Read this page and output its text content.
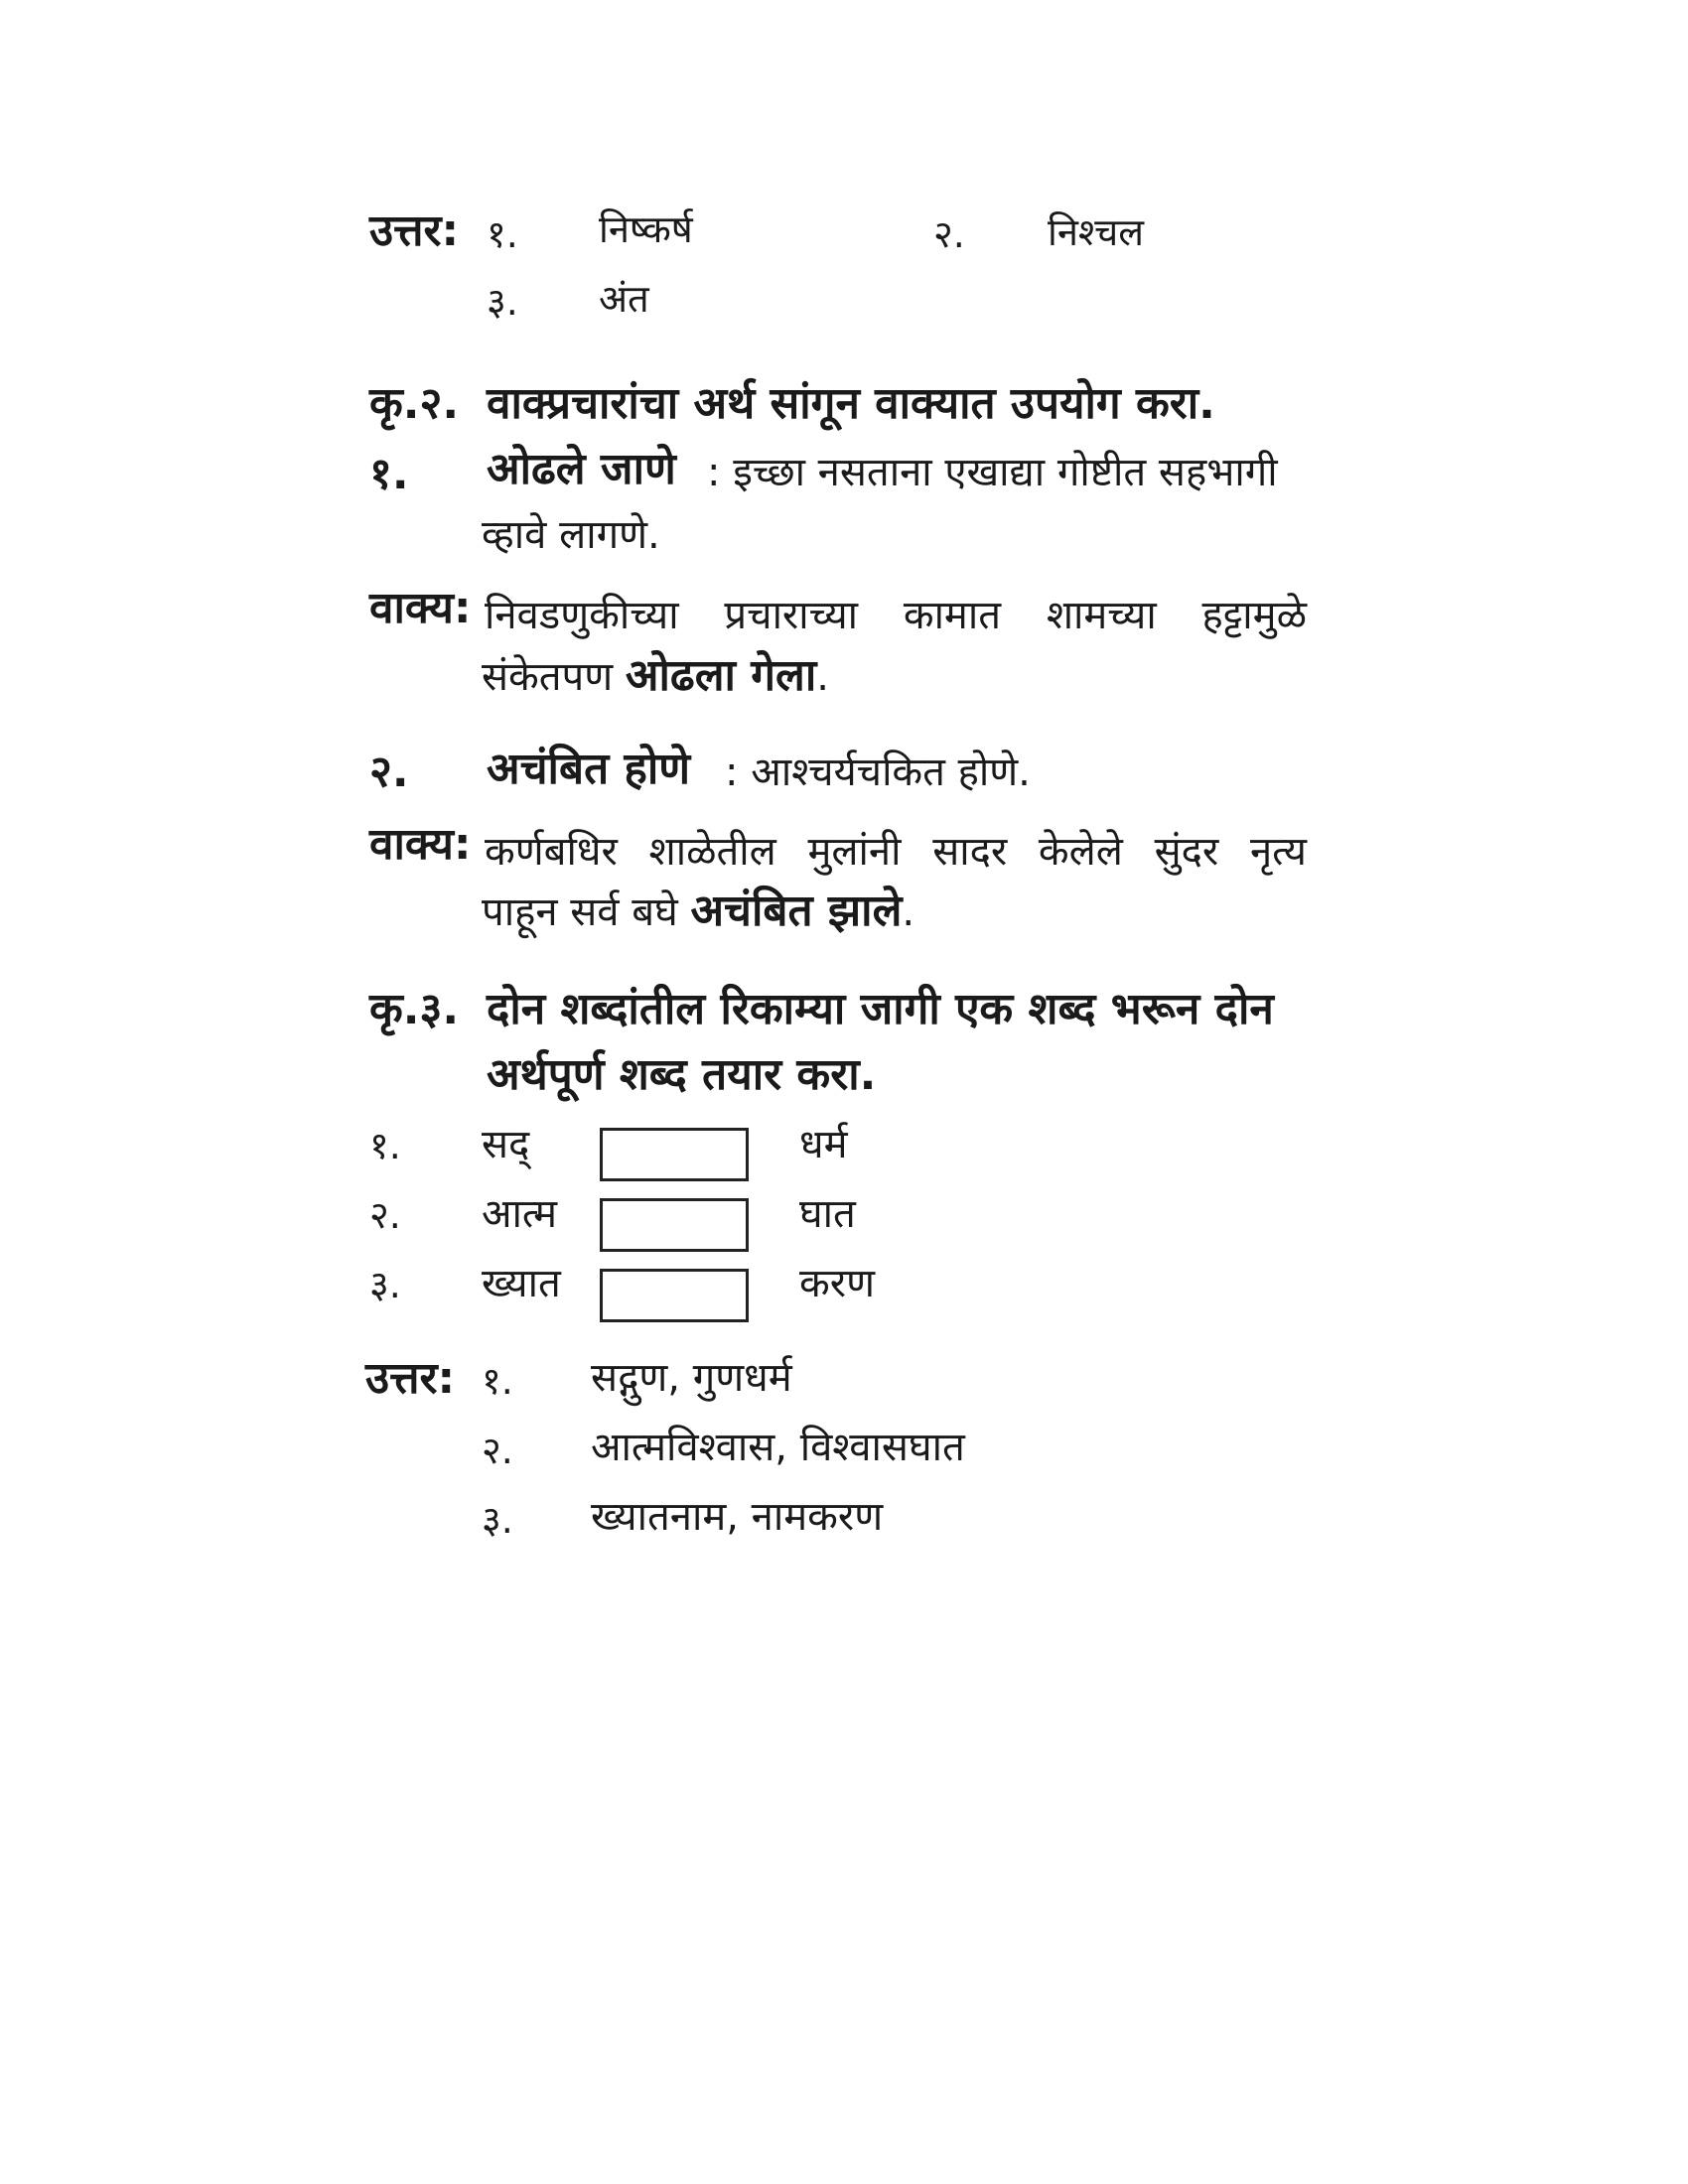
उत्तर: १. निष्कर्ष	२. निश्चल
३. अंत
कृ.२. वाक्प्रचारांचा अर्थ सांगून वाक्यात उपयोग करा.
१. ओढले जाणे : इच्छा नसताना एखाद्या गोष्टीत सहभागी
व्हावे लागणे.
वाक्य: निवडणुकीच्या प्रचाराच्या कामात शामच्या हट्टामुळे
संकेतपण ओढला गेला.
२. अचंबित होणे : आश्चर्यचकित होणे.
वाक्य: कर्णबधिर शाळेतील मुलांनी सादर केलेले सुंदर नृत्य
पाहून सर्व बघे अचंबित झाले.
कृ.३. दोन शब्दांतील रिकाम्या जागी एक शब्द भरून दोन
अर्थपूर्ण शब्द तयार करा.
१. सद्	धर्म
२. आत्म	घात
३. ख्यात	करण
उत्तर: १. सद्गुण, गुणधर्म
२. आत्मविश्वास, विश्वासघात
३. ख्यातनाम, नामकरण
